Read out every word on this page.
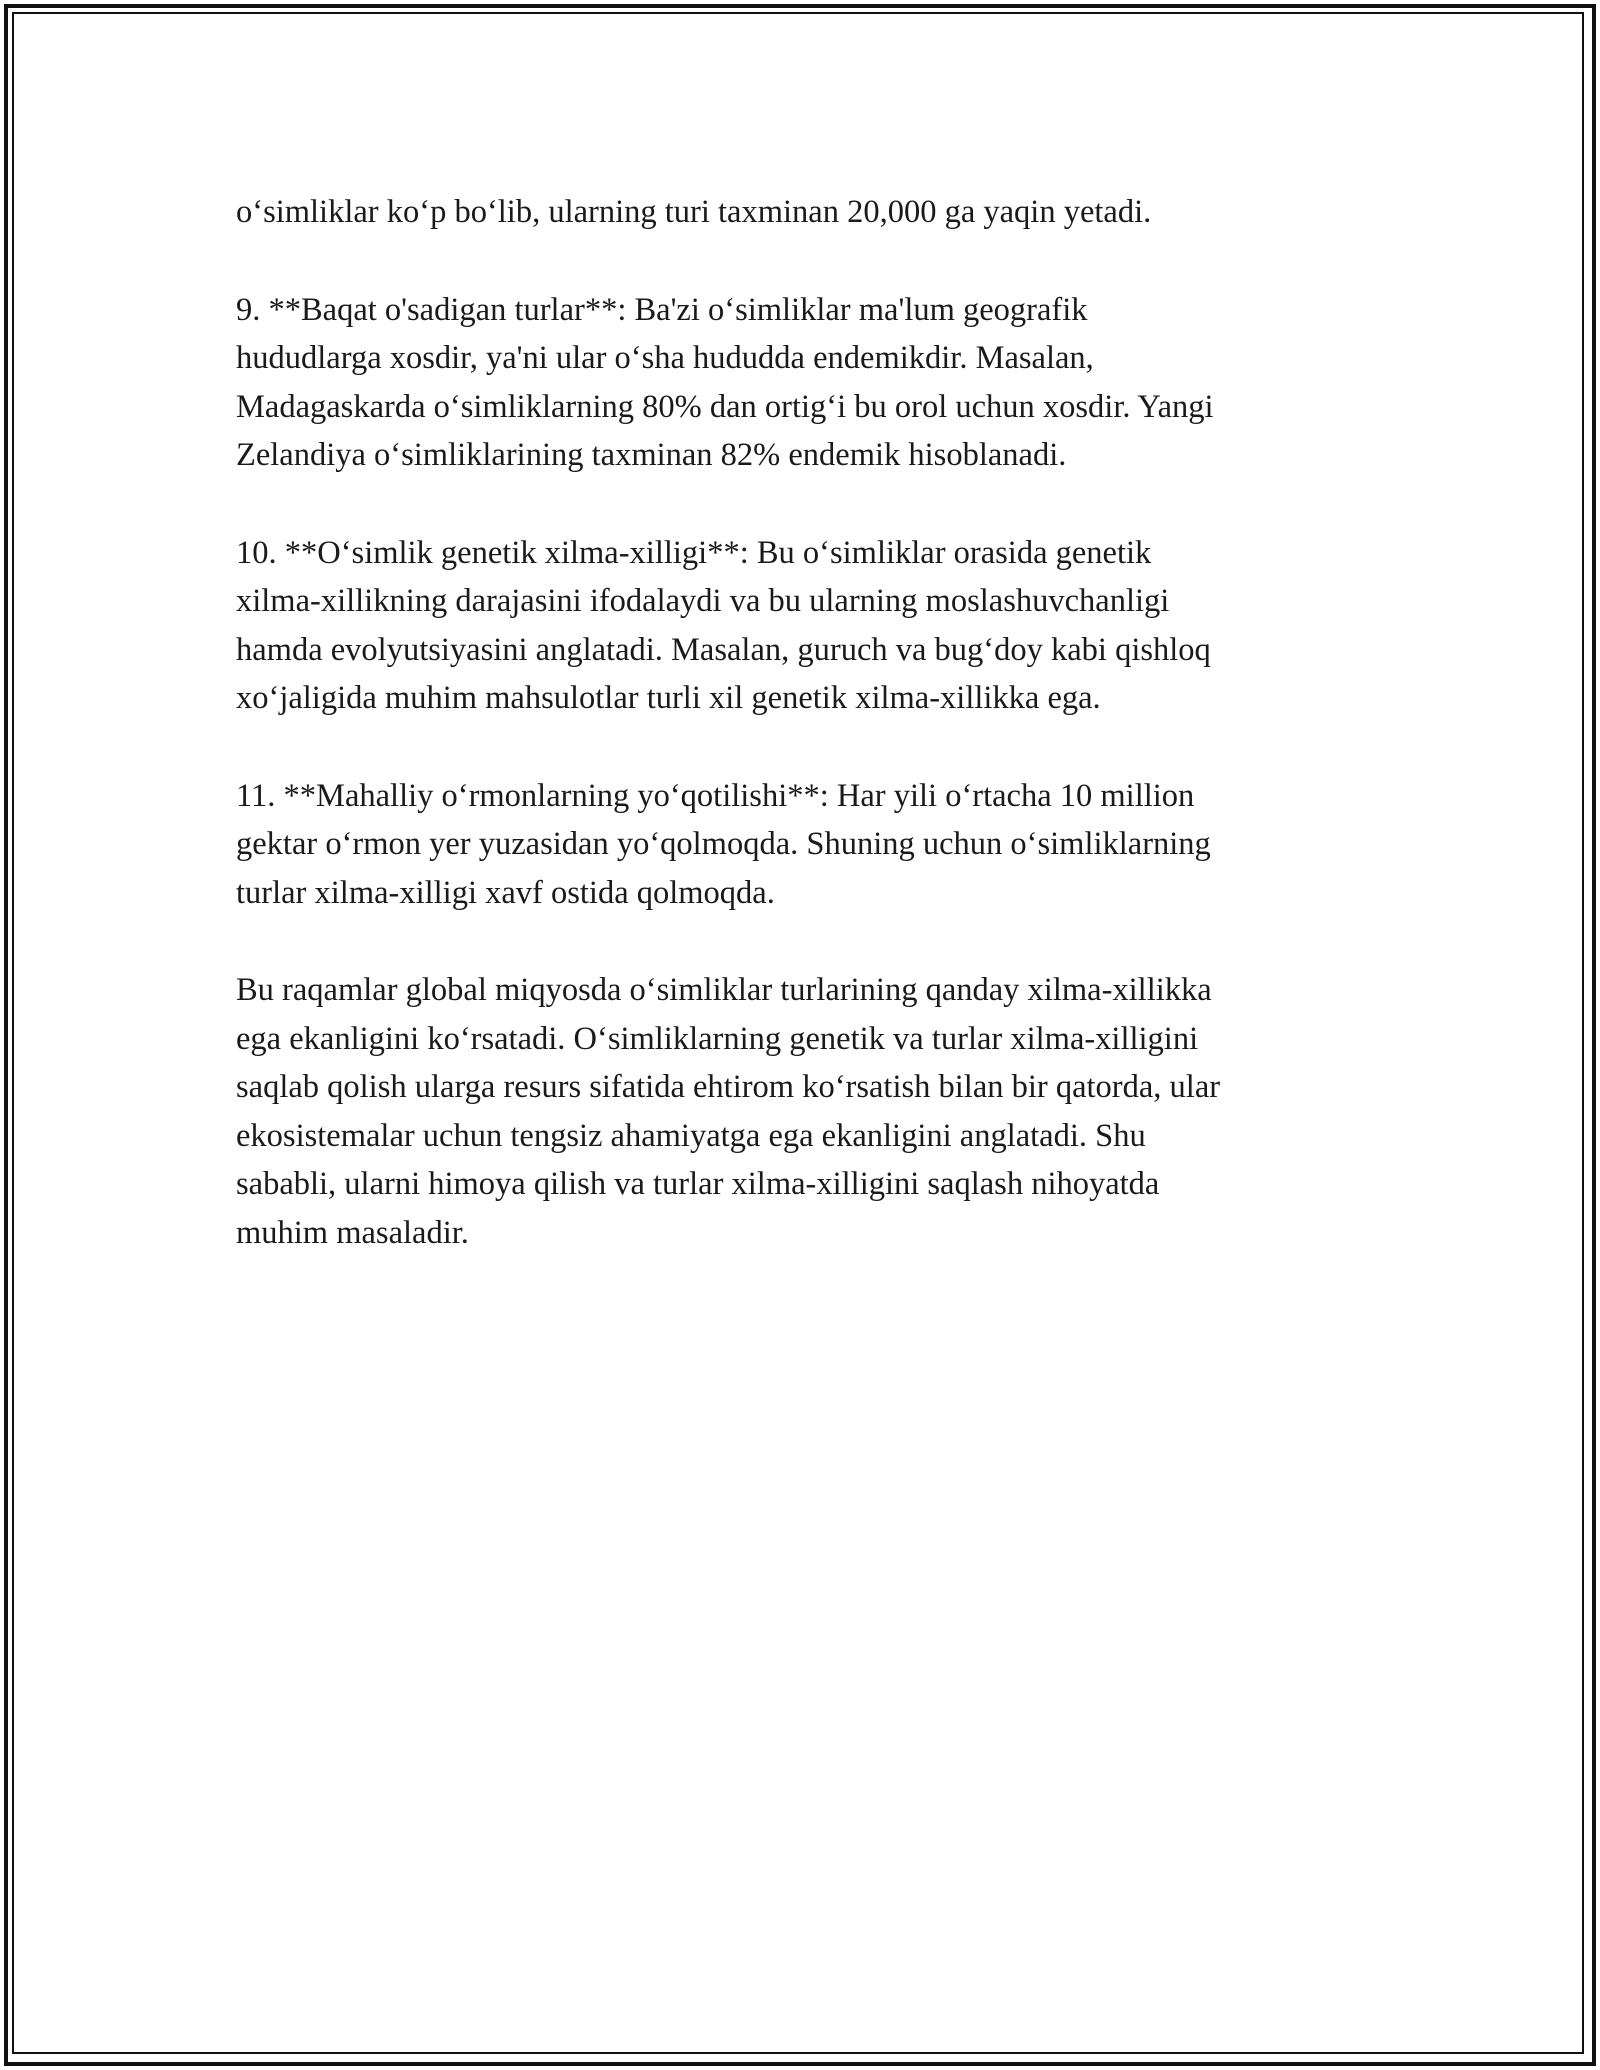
oʻsimliklar koʻp boʻlib, ularning turi taxminan 20,000 ga yaqin yetadi.

9. **Baqat o'sadigan turlar**: Ba'zi oʻsimliklar ma'lum geografik
hududlarga xosdir, ya'ni ular oʻsha hududda endemikdir. Masalan,
Madagaskarda oʻsimliklarning 80% dan ortigʻi bu orol uchun xosdir. Yangi
Zelandiya oʻsimliklarining taxminan 82% endemik hisoblanadi.

10. **Oʻsimlik genetik xilma-xilligi**: Bu oʻsimliklar orasida genetik
xilma-xillikning darajasini ifodalaydi va bu ularning moslashuvchanligi
hamda evolyutsiyasini anglatadi. Masalan, guruch va bugʻdoy kabi qishloq
xoʻjaligida muhim mahsulotlar turli xil genetik xilma-xillikka ega.

11. **Mahalliy oʻrmonlarning yoʻqotilishi**: Har yili oʻrtacha 10 million
gektar oʻrmon yer yuzasidan yoʻqolmoqda. Shuning uchun oʻsimliklarning
turlar xilma-xilligi xavf ostida qolmoqda.

Bu raqamlar global miqyosda oʻsimliklar turlarining qanday xilma-xillikka
ega ekanligini koʻrsatadi. Oʻsimliklarning genetik va turlar xilma-xilligini
saqlab qolish ularga resurs sifatida ehtirom koʻrsatish bilan bir qatorda, ular
ekosistemalar uchun tengsiz ahamiyatga ega ekanligini anglatadi. Shu
sababli, ularni himoya qilish va turlar xilma-xilligini saqlash nihoyatda
muhim masaladir.
